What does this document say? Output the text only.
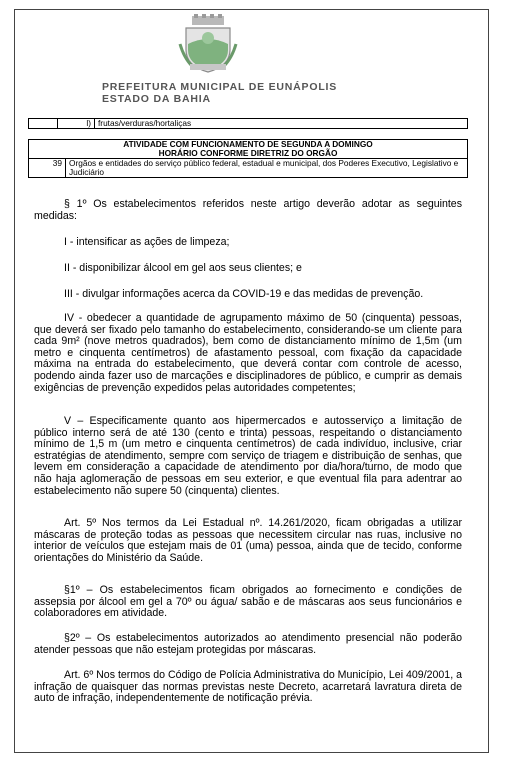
PREFEITURA MUNICIPAL DE EUNÁPOLIS
ESTADO DA BAHIA
	l)	frutas/verduras/hortaliças
ATIVIDADE COM FUNCIONAMENTO DE SEGUNDA A DOMINGO
HORÁRIO CONFORME DIRETRIZ DO ORGÃO

39	Orgãos e entidades do serviço público federal, estadual e municipal, dos Poderes Executivo, Legislativo e Judiciário
§ 1º Os estabelecimentos referidos neste artigo deverão adotar as seguintes medidas:
I - intensificar as ações de limpeza;
II - disponibilizar álcool em gel aos seus clientes; e
III - divulgar informações acerca da COVID-19 e das medidas de prevenção.
IV - obedecer a quantidade de agrupamento máximo de 50 (cinquenta) pessoas, que deverá ser fixado pelo tamanho do estabelecimento, considerando-se um cliente para cada 9m² (nove metros quadrados), bem como de distanciamento mínimo de 1,5m (um metro e cinquenta centímetros) de afastamento pessoal, com fixação da capacidade máxima na entrada do estabelecimento, que deverá contar com controle de acesso, podendo ainda fazer uso de marcações e disciplinadores de público, e cumprir as demais exigências de prevenção expedidos pelas autoridades competentes;
V – Especificamente quanto aos hipermercados e autosserviço a limitação de público interno será de até 130 (cento e trinta) pessoas, respeitando o distanciamento mínimo de 1,5 m (um metro e cinquenta centímetros) de cada indivíduo, inclusive, criar estratégias de atendimento, sempre com serviço de triagem e distribuição de senhas, que levem em consideração a capacidade de atendimento por dia/hora/turno, de modo que não haja aglomeração de pessoas em seu exterior, e que eventual fila para adentrar ao estabelecimento não supere 50 (cinquenta) clientes.
Art. 5º Nos termos da Lei Estadual nº. 14.261/2020, ficam obrigadas a utilizar máscaras de proteção todas as pessoas que necessitem circular nas ruas, inclusive no interior de veículos que estejam mais de 01 (uma) pessoa, ainda que de tecido, conforme orientações do Ministério da Saúde.
§1º – Os estabelecimentos ficam obrigados ao fornecimento e condições de assepsia por álcool em gel a 70º ou água/ sabão e de máscaras aos seus funcionários e colaboradores em atividade.
§2º – Os estabelecimentos autorizados ao atendimento presencial não poderão atender pessoas que não estejam protegidas por máscaras.
Art. 6º Nos termos do Código de Polícia Administrativa do Município, Lei 409/2001, a infração de quaisquer das normas previstas neste Decreto, acarretará lavratura direta de auto de infração, independentemente de notificação prévia.
